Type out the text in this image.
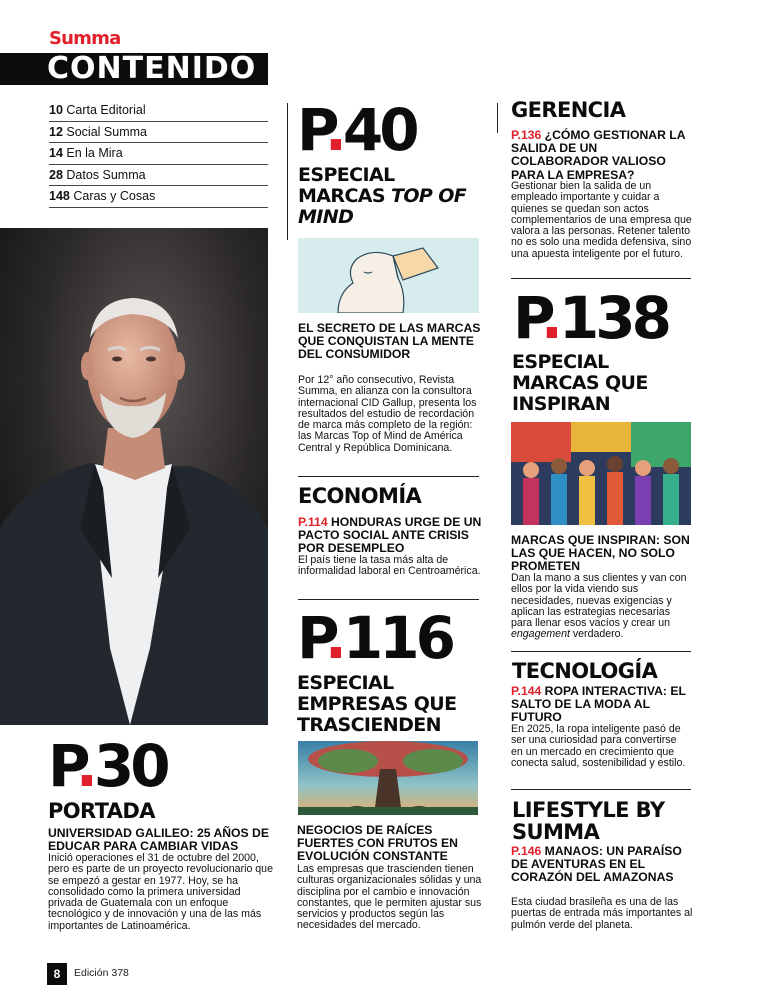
Summa
CONTENIDO
10 Carta Editorial
12 Social Summa
14 En la Mira
28 Datos Summa
148 Caras y Cosas
P.30
PORTADA
UNIVERSIDAD GALILEO: 25 AÑOS DE EDUCAR PARA CAMBIAR VIDAS
Inició operaciones el 31 de octubre del 2000, pero es parte de un proyecto revolucionario que se empezó a gestar en 1977. Hoy, se ha consolidado como la primera universidad privada de Guatemala con un enfoque tecnológico y de innovación y una de las más importantes de Latinoamérica.
P.40
ESPECIAL
MARCAS TOP OF
MIND
EL SECRETO DE LAS MARCAS QUE CONQUISTAN LA MENTE DEL CONSUMIDOR
Por 12° año consecutivo, Revista Summa, en alianza con la consultora internacional CID Gallup, presenta los resultados del estudio de recordación de marca más completo de la región: las Marcas Top of Mind de América Central y República Dominicana.
ECONOMÍA
P.114 HONDURAS URGE DE UN PACTO SOCIAL ANTE CRISIS POR DESEMPLEO
El país tiene la tasa más alta de informalidad laboral en Centroamérica.
P.116
ESPECIAL
EMPRESAS QUE
TRASCIENDEN
NEGOCIOS DE RAÍCES FUERTES CON FRUTOS EN EVOLUCIÓN CONSTANTE
Las empresas que trascienden tienen culturas organizacionales sólidas y una disciplina por el cambio e innovación constantes, que le permiten ajustar sus servicios y productos según las necesidades del mercado.
GERENCIA
P.136 ¿CÓMO GESTIONAR LA SALIDA DE UN COLABORADOR VALIOSO PARA LA EMPRESA?
Gestionar bien la salida de un empleado importante y cuidar a quienes se quedan son actos complementarios de una empresa que valora a las personas. Retener talento no es solo una medida defensiva, sino una apuesta inteligente por el futuro.
P.138
ESPECIAL
MARCAS QUE
INSPIRAN
MARCAS QUE INSPIRAN: SON LAS QUE HACEN, NO SOLO PROMETEN
Dan la mano a sus clientes y van con ellos por la vida viendo sus necesidades, nuevas exigencias y aplican las estrategias necesarias para llenar esos vacíos y crear un engagement verdadero.
TECNOLOGÍA
P.144 ROPA INTERACTIVA: EL SALTO DE LA MODA AL FUTURO
En 2025, la ropa inteligente pasó de ser una curiosidad para convertirse en un mercado en crecimiento que conecta salud, sostenibilidad y estilo.
LIFESTYLE BY
SUMMA
P.146 MANAOS: UN PARAÍSO DE AVENTURAS EN EL CORAZÓN DEL AMAZONAS
Esta ciudad brasileña es una de las puertas de entrada más importantes al pulmón verde del planeta.
8	Edición 378
